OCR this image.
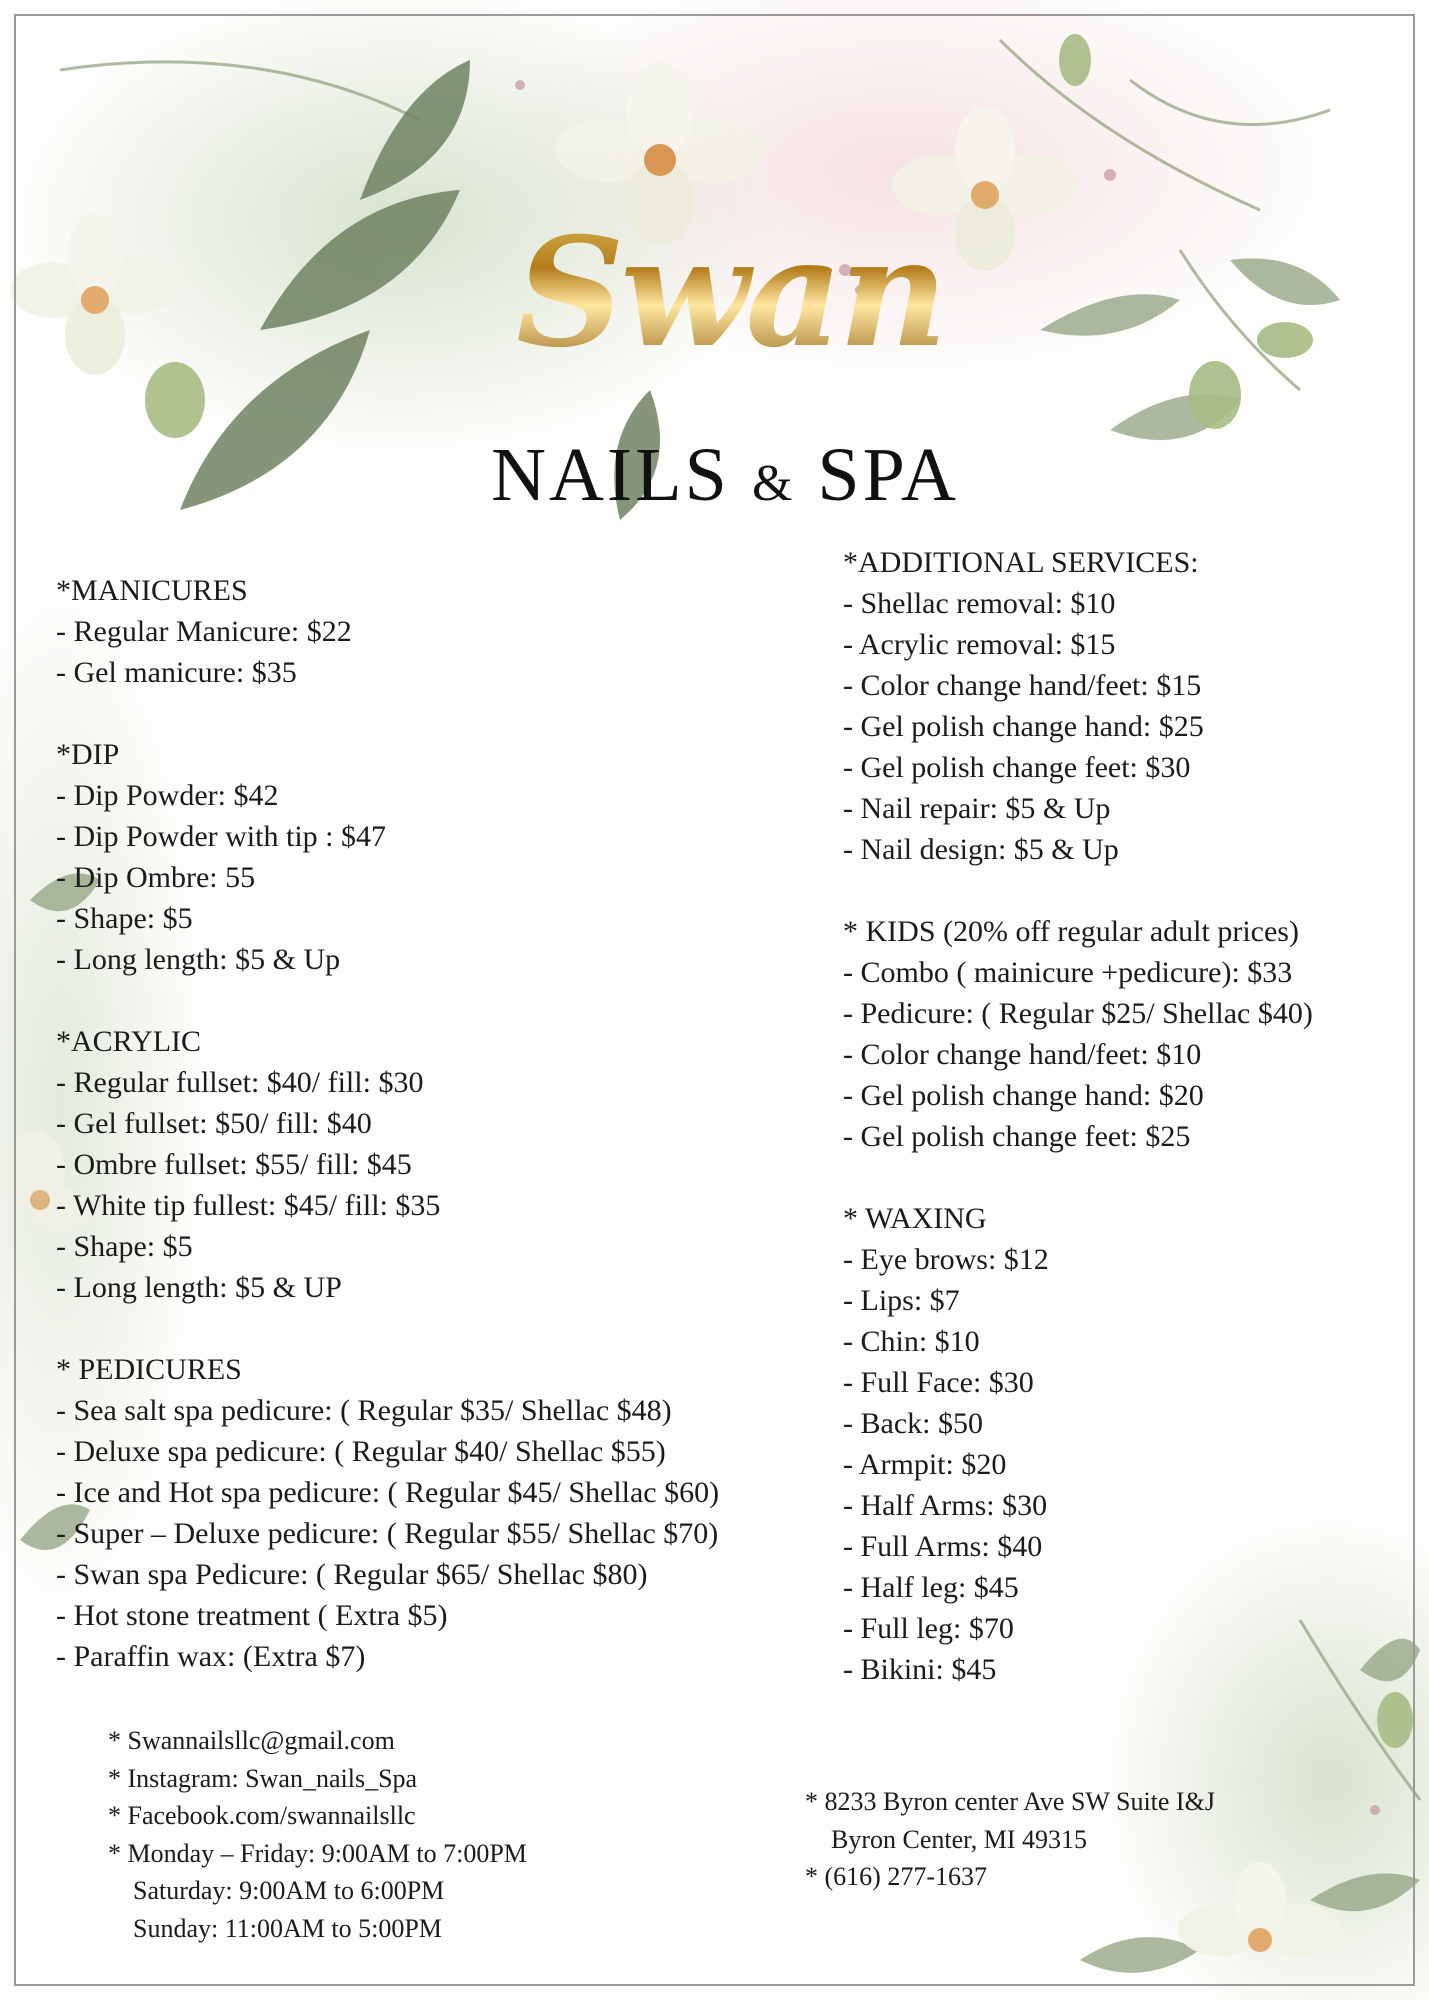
Swan
NAILS & SPA
*MANICURES
- Regular Manicure: $22
- Gel manicure: $35
*DIP
- Dip Powder: $42
- Dip Powder with tip : $47
- Dip Ombre: 55
- Shape: $5
- Long length: $5 & Up
*ACRYLIC
- Regular fullset: $40/ fill: $30
- Gel fullset: $50/ fill: $40
- Ombre fullset: $55/ fill: $45
- White tip fullest: $45/ fill: $35
- Shape: $5
- Long length: $5 & UP
* PEDICURES
- Sea salt spa pedicure: ( Regular $35/ Shellac $48)
- Deluxe spa pedicure: ( Regular $40/ Shellac $55)
- Ice and Hot spa pedicure: ( Regular $45/ Shellac $60)
- Super – Deluxe pedicure: ( Regular $55/ Shellac $70)
- Swan spa Pedicure: ( Regular $65/ Shellac $80)
- Hot stone treatment ( Extra $5)
- Paraffin wax: (Extra $7)
*ADDITIONAL SERVICES:
- Shellac removal: $10
- Acrylic removal: $15
- Color change hand/feet: $15
- Gel polish change hand: $25
- Gel polish change feet: $30
- Nail repair: $5 & Up
- Nail design: $5 & Up
* KIDS (20% off regular adult prices)
- Combo ( mainicure +pedicure): $33
- Pedicure: ( Regular $25/ Shellac $40)
- Color change hand/feet: $10
- Gel polish change hand: $20
- Gel polish change feet: $25
* WAXING
- Eye brows: $12
- Lips: $7
- Chin: $10
- Full Face: $30
- Back: $50
- Armpit: $20
- Half Arms: $30
- Full Arms: $40
- Half leg: $45
- Full leg: $70
- Bikini: $45
* Swannailsllc@gmail.com
* Instagram: Swan_nails_Spa
* Facebook.com/swannailsllc
* Monday – Friday: 9:00AM to 7:00PM
Saturday: 9:00AM to 6:00PM
Sunday: 11:00AM to 5:00PM
* 8233 Byron center Ave SW Suite I&J
Byron Center, MI 49315
* (616) 277-1637
